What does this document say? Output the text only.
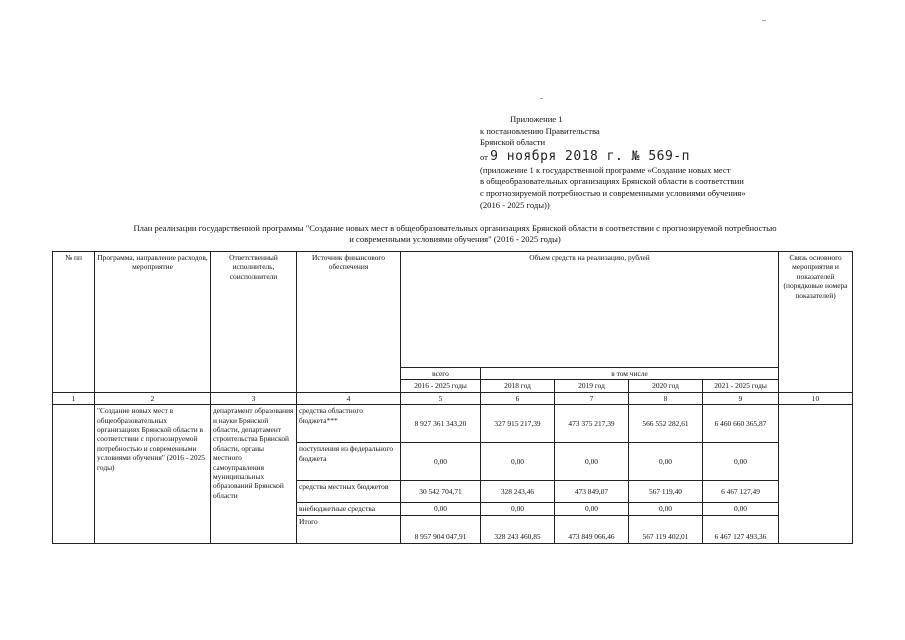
Приложение 1
к постановлению Правительства
Брянской области
от 9 ноября 2018 г. № 569-п
(приложение 1 к государственной программе «Создание новых мест
в общеобразовательных организациях Брянской области в соответствии
с прогнозируемой потребностью и современными условиями обучения»
(2016 - 2025 годы))
План реализации государственной программы "Создание новых мест в общеобразовательных организациях Брянской области в соответствии с прогнозируемой потребностью
и современными условиями обучения" (2016 - 2025 годы)
№ пп	Программа, направление расходов, мероприятие	Ответственный исполнитель, соисполнители	Источник финансового обеспечения	Объем средств на реализацию, рублей					Связь основного мероприятия и показателей (порядковые номера показателей)
				всего	в том числе				
				2016 - 2025 годы	2018 год	2019 год	2020 год	2021 - 2025 годы	
1	2	3	4	5	6	7	8	9	10
	"Создание новых мест в общеобразовательных организациях Брянской области в соответствии с прогнозируемой потребностью и современными условиями обучения" (2016 - 2025 годы)	департамент образования и науки Брянской области, департамент строительства Брянской области, органы местного самоуправления муниципальных образований Брянской области	средства областного бюджета***	8 927 361 343,20	327 915 217,39	473 375 217,39	566 552 282,61	6 460 660 365,87	
			поступления из федерального бюджета	0,00	0,00	0,00	0,00	0,00	
			средства местных бюджетов	30 542 704,71	328 243,46	473 849,07	567 119,40	6 467 127,49	
			внебюджетные средства	0,00	0,00	0,00	0,00	0,00	
			Итого	8 957 904 047,91	328 243 460,85	473 849 066,46	567 119 402,01	6 467 127 493,36	
